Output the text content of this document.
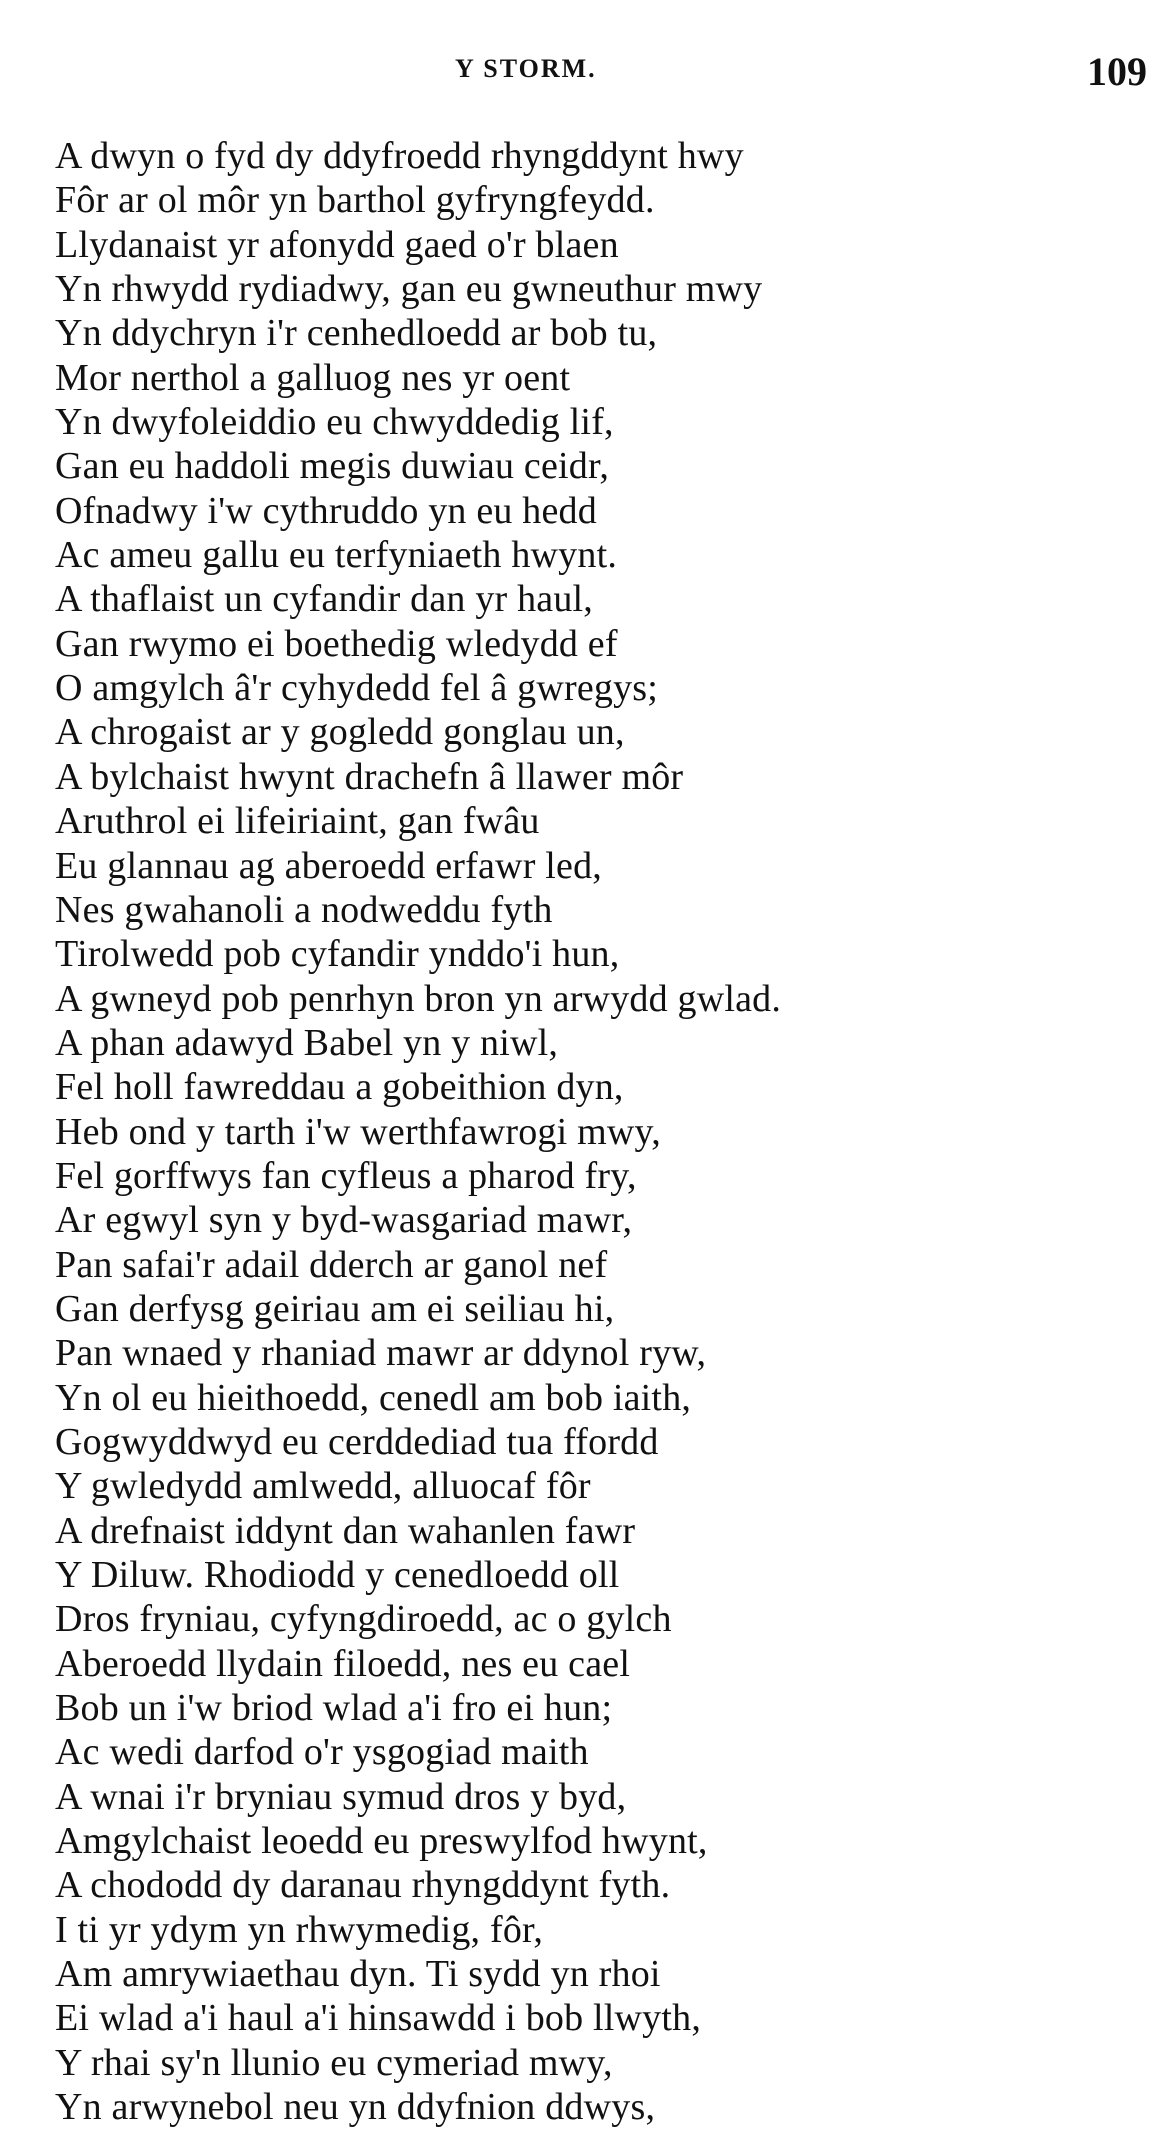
Y STORM.	109
A dwyn o fyd dy ddyfroedd rhyngddynt hwy
Fôr ar ol môr yn barthol gyfryngfeydd.
Llydanaist yr afonydd gaed o'r blaen
Yn rhwydd rydiadwy, gan eu gwneuthur mwy
Yn ddychryn i'r cenhedloedd ar bob tu,
Mor nerthol a galluog nes yr oent
Yn dwyfoleiddio eu chwyddedig lif,
Gan eu haddoli megis duwiau ceidr,
Ofnadwy i'w cythruddo yn eu hedd
Ac ameu gallu eu terfyniaeth hwynt.
A thaflaist un cyfandir dan yr haul,
Gan rwymo ei boethedig wledydd ef
O amgylch â'r cyhydedd fel â gwregys;
A chrogaist ar y gogledd gonglau un,
A bylchaist hwynt drachefn â llawer môr
Aruthrol ei lifeiriaint, gan fwâu
Eu glannau ag aberoedd erfawr led,
Nes gwahanoli a nodweddu fyth
Tirolwedd pob cyfandir ynddo'i hun,
A gwneyd pob penrhyn bron yn arwydd gwlad.
A phan adawyd Babel yn y niwl,
Fel holl fawreddau a gobeithion dyn,
Heb ond y tarth i'w werthfawrogi mwy,
Fel gorffwys fan cyfleus a pharod fry,
Ar egwyl syn y byd-wasgariad mawr,
Pan safai'r adail dderch ar ganol nef
Gan derfysg geiriau am ei seiliau hi,
Pan wnaed y rhaniad mawr ar ddynol ryw,
Yn ol eu hieithoedd, cenedl am bob iaith,
Gogwyddwyd eu cerddediad tua ffordd
Y gwledydd amlwedd, alluocaf fôr
A drefnaist iddynt dan wahanlen fawr
Y Diluw. Rhodiodd y cenedloedd oll
Dros fryniau, cyfyngdiroedd, ac o gylch
Aberoedd llydain filoedd, nes eu cael
Bob un i'w briod wlad a'i fro ei hun;
Ac wedi darfod o'r ysgogiad maith
A wnai i'r bryniau symud dros y byd,
Amgylchaist leoedd eu preswylfod hwynt,
A chododd dy daranau rhyngddynt fyth.
I ti yr ydym yn rhwymedig, fôr,
Am amrywiaethau dyn. Ti sydd yn rhoi
Ei wlad a'i haul a'i hinsawdd i bob llwyth,
Y rhai sy'n llunio eu cymeriad mwy,
Yn arwynebol neu yn ddyfnion ddwys,
